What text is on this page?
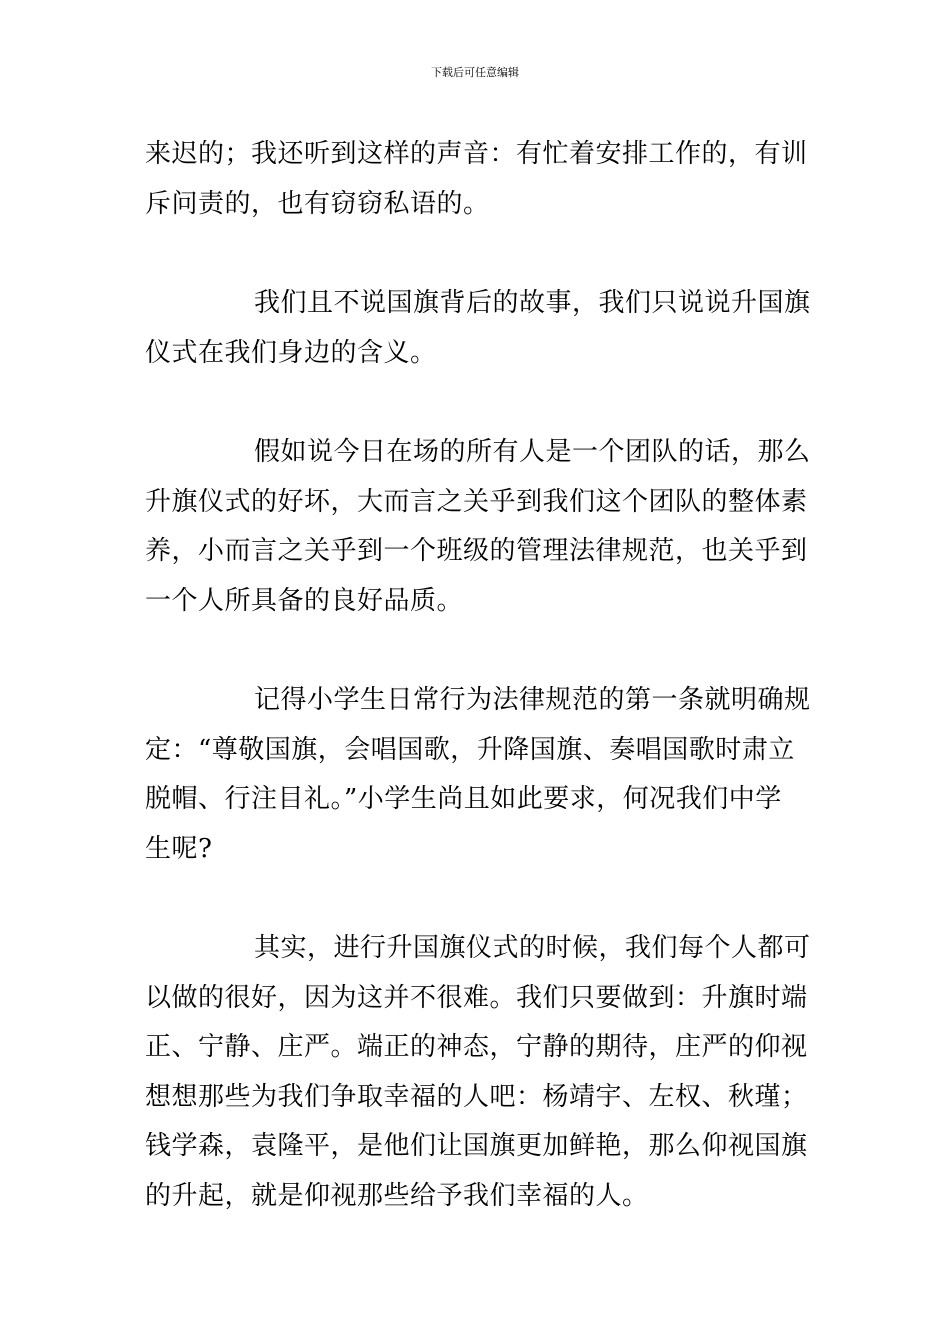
下载后可任意编辑

来迟的；我还听到这样的声音：有忙着安排工作的，有训
斥问责的，也有窃窃私语的。

我们且不说国旗背后的故事，我们只说说升国旗
仪式在我们身边的含义。

假如说今日在场的所有人是一个团队的话，那么
升旗仪式的好坏，大而言之关乎到我们这个团队的整体素
养，小而言之关乎到一个班级的管理法律规范，也关乎到
一个人所具备的良好品质。

记得小学生日常行为法律规范的第一条就明确规
定：“尊敬国旗，会唱国歌，升降国旗、奏唱国歌时肃立
脱帽、行注目礼。”小学生尚且如此要求，何况我们中学
生呢?

其实，进行升国旗仪式的时候，我们每个人都可
以做的很好，因为这并不很难。我们只要做到：升旗时端
正、宁静、庄严。端正的神态，宁静的期待，庄严的仰视
想想那些为我们争取幸福的人吧：杨靖宇、左权、秋瑾；
钱学森，袁隆平，是他们让国旗更加鲜艳，那么仰视国旗
的升起，就是仰视那些给予我们幸福的人。
